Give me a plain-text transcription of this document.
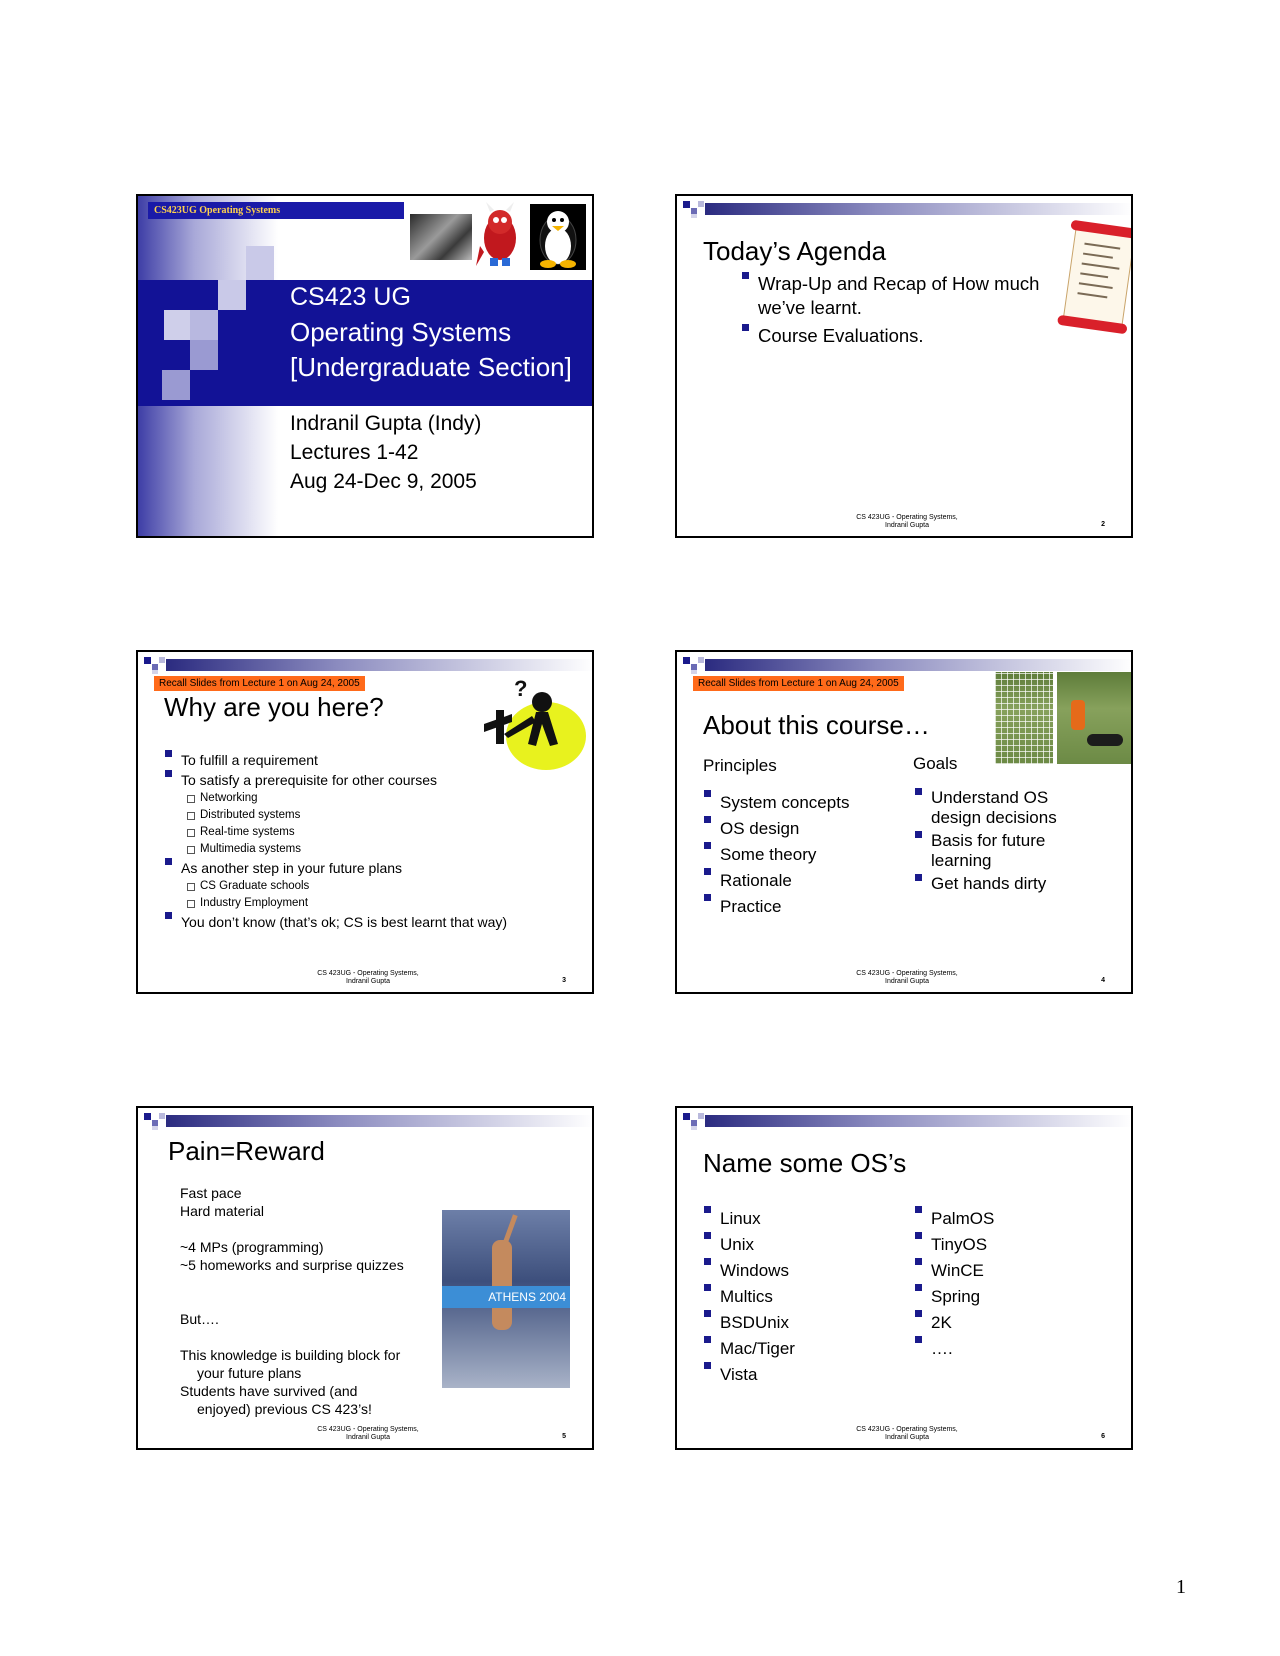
CS423UG Operating Systems
CS423 UG
Operating Systems
[Undergraduate Section]
Indranil Gupta (Indy)
Lectures 1-42
Aug 24-Dec 9, 2005
Today’s Agenda
Wrap-Up and Recap of How much we’ve learnt.
Course Evaluations.
CS 423UG - Operating Systems,
Indranil Gupta	2
Recall Slides from Lecture 1 on Aug 24, 2005
Why are you here?
?
To fulfill a requirement
To satisfy a prerequisite for other courses
Networking
Distributed systems
Real-time systems
Multimedia systems
As another step in your future plans
CS Graduate schools
Industry Employment
You don’t know (that’s ok; CS is best learnt that way)
CS 423UG - Operating Systems,
Indranil Gupta	3
Recall Slides from Lecture 1 on Aug 24, 2005
About this course…
Principles	Goals
System concepts
OS design
Some theory
Rationale
Practice
Understand OS design decisions
Basis for future learning
Get hands dirty
CS 423UG - Operating Systems,
Indranil Gupta	4
Pain=Reward
Fast pace
Hard material
~4 MPs (programming)
~5 homeworks and surprise quizzes
But….
This knowledge is building block for
your future plans
Students have survived (and
enjoyed) previous CS 423’s!
ATHENS 2004
CS 423UG - Operating Systems,
Indranil Gupta	5
Name some OS’s
Linux
Unix
Windows
Multics
BSDUnix
Mac/Tiger
Vista
PalmOS
TinyOS
WinCE
Spring
2K
….
CS 423UG - Operating Systems,
Indranil Gupta	6
1
